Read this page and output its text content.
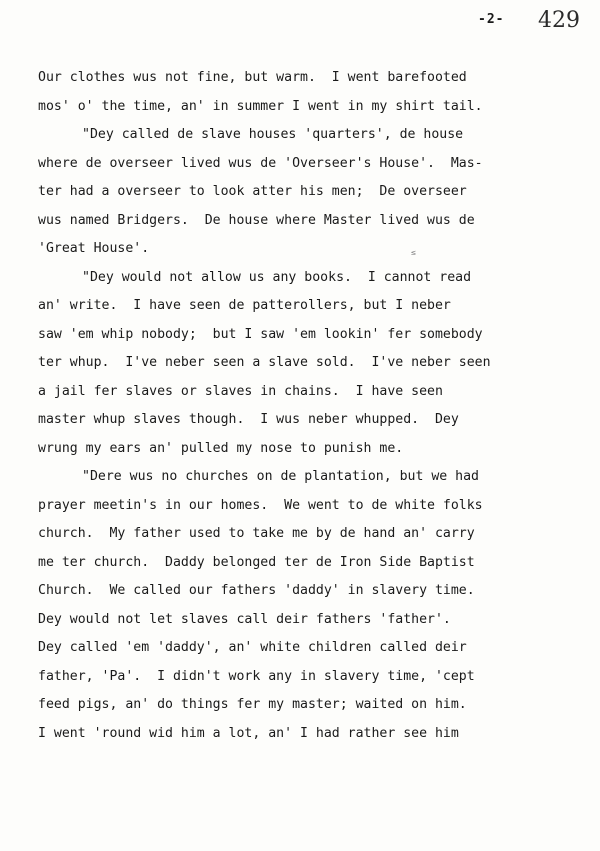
-2- 429
≤
Our clothes wus not fine, but warm.  I went barefooted
mos' o' the time, an' in summer I went in my shirt tail.
"Dey called de slave houses 'quarters', de house
where de overseer lived wus de 'Overseer's House'.  Mas-
ter had a overseer to look atter his men;  De overseer
wus named Bridgers.  De house where Master lived wus de
'Great House'.
"Dey would not allow us any books.  I cannot read
an' write.  I have seen de patterollers, but I neber
saw 'em whip nobody;  but I saw 'em lookin' fer somebody
ter whup.  I've neber seen a slave sold.  I've neber seen
a jail fer slaves or slaves in chains.  I have seen
master whup slaves though.  I wus neber whupped.  Dey
wrung my ears an' pulled my nose to punish me.
"Dere wus no churches on de plantation, but we had
prayer meetin's in our homes.  We went to de white folks
church.  My father used to take me by de hand an' carry
me ter church.  Daddy belonged ter de Iron Side Baptist
Church.  We called our fathers 'daddy' in slavery time.
Dey would not let slaves call deir fathers 'father'.
Dey called 'em 'daddy', an' white children called deir
father, 'Pa'.  I didn't work any in slavery time, 'cept
feed pigs, an' do things fer my master; waited on him.
I went 'round wid him a lot, an' I had rather see him
